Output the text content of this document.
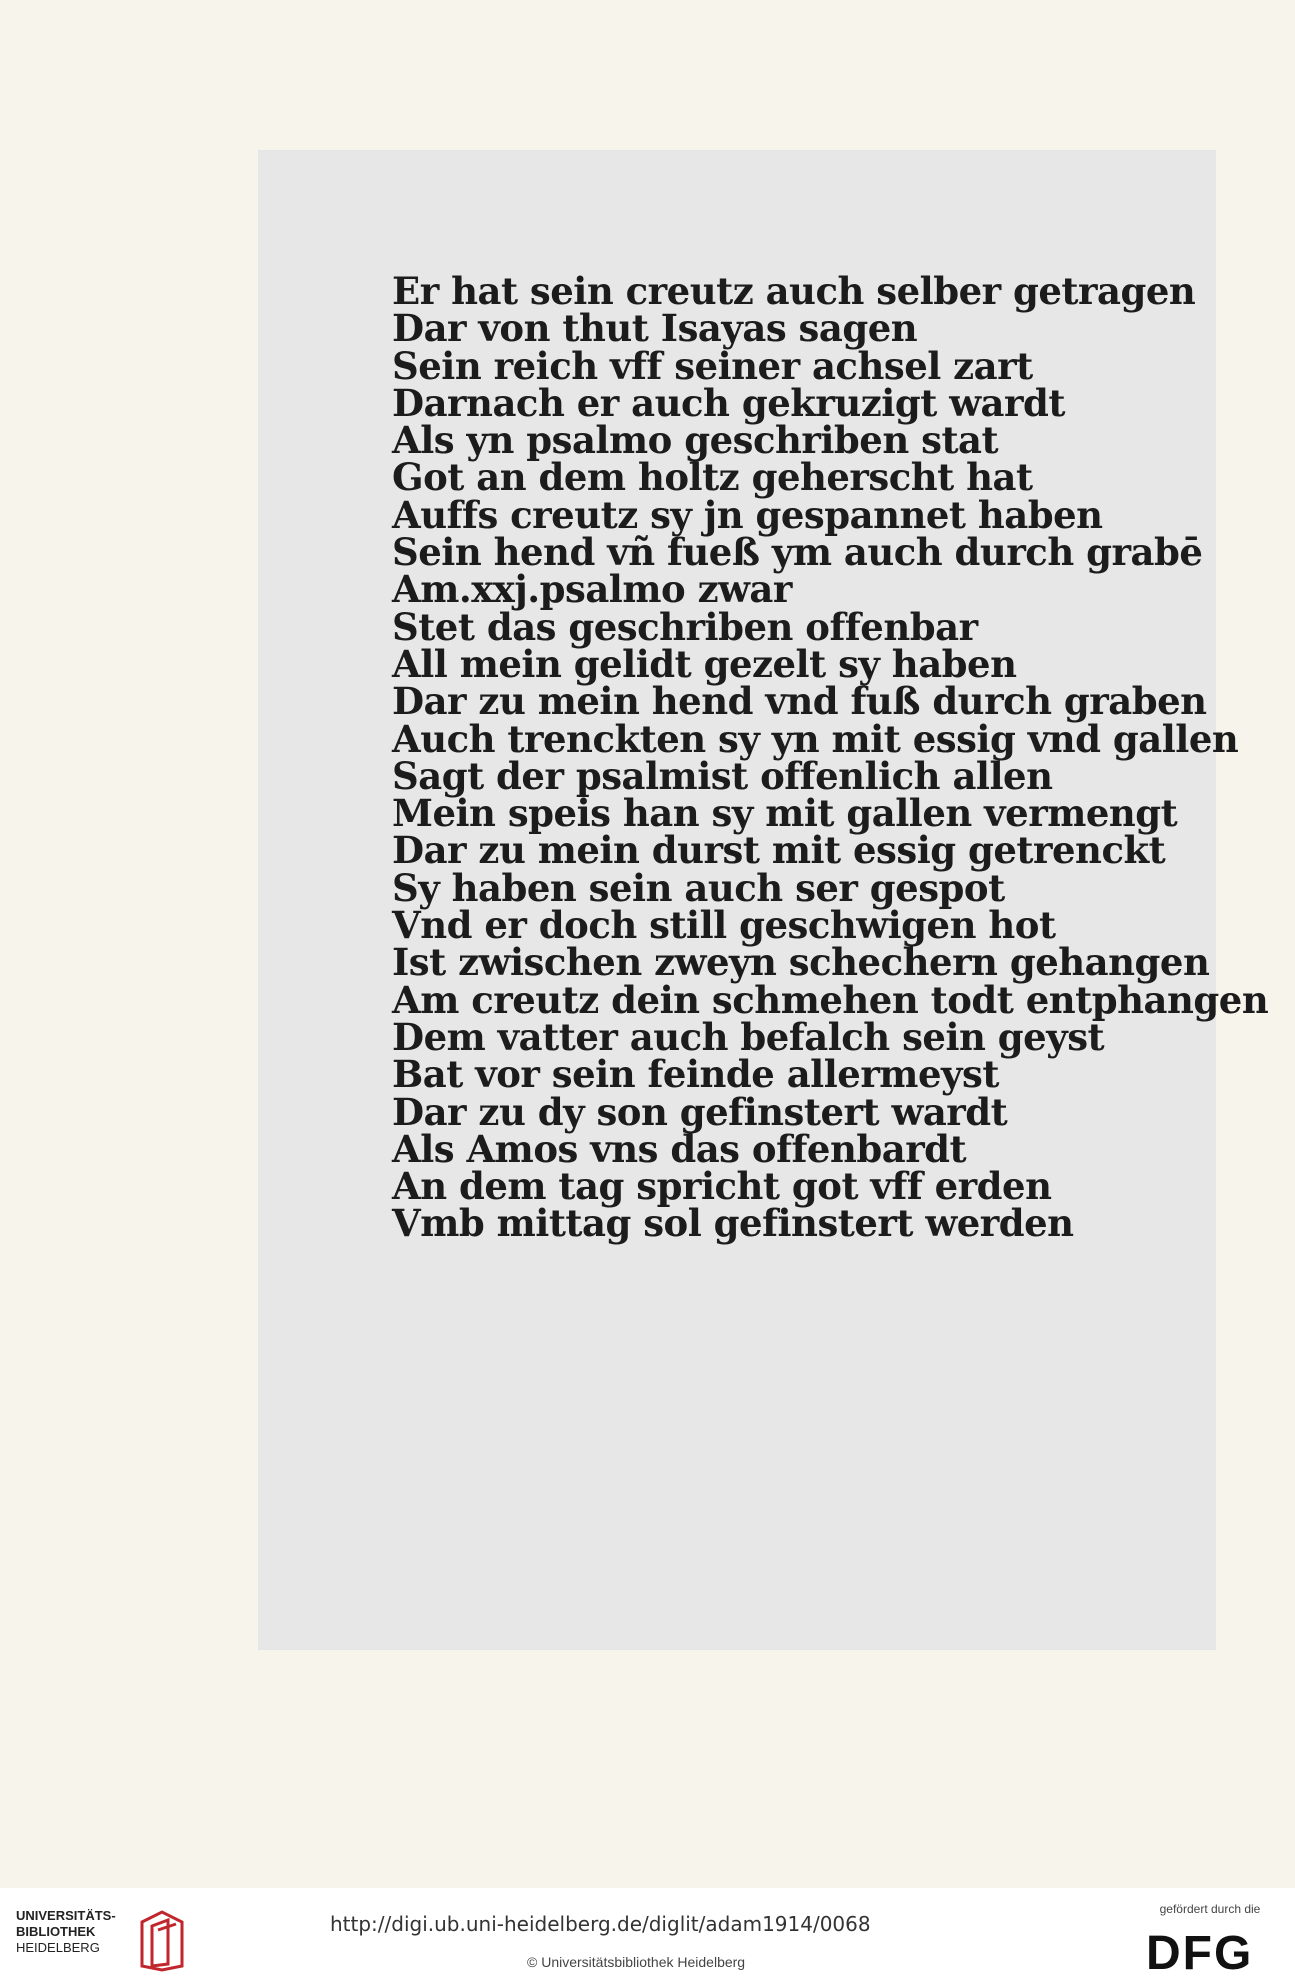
Er hat sein creutz auch selber getragen
Dar von thut Isayas sagen
Sein reich vff seiner achsel zart
Darnach er auch gekruzigt wardt
Als yn psalmo geschriben stat
Got an dem holtz geherscht hat
Auffs creutz sy jn gespannet haben
Sein hend vñ fueß ym auch durch grabē
Am.xxj.psalmo zwar
Stet das geschriben offenbar
All mein gelidt gezelt sy haben
Dar zu mein hend vnd fuß durch graben
Auch trenckten sy yn mit essig vnd gallen
Sagt der psalmist offenlich allen
Mein speis han sy mit gallen vermengt
Dar zu mein durst mit essig getrenckt
Sy haben sein auch ser gespot
Vnd er doch still geschwigen hot
Ist zwischen zweyn schechern gehangen
Am creutz dein schmehen todt entphangen
Dem vatter auch befalch sein geyst
Bat vor sein feinde allermeyst
Dar zu dy son gefinstert wardt
Als Amos vns das offenbardt
An dem tag spricht got vff erden
Vmb mittag sol gefinstert werden
UNIVERSITÄTS-
BIBLIOTHEK
HEIDELBERG
http://digi.ub.uni-heidelberg.de/diglit/adam1914/0068
© Universitätsbibliothek Heidelberg
gefördert durch die
DFG
